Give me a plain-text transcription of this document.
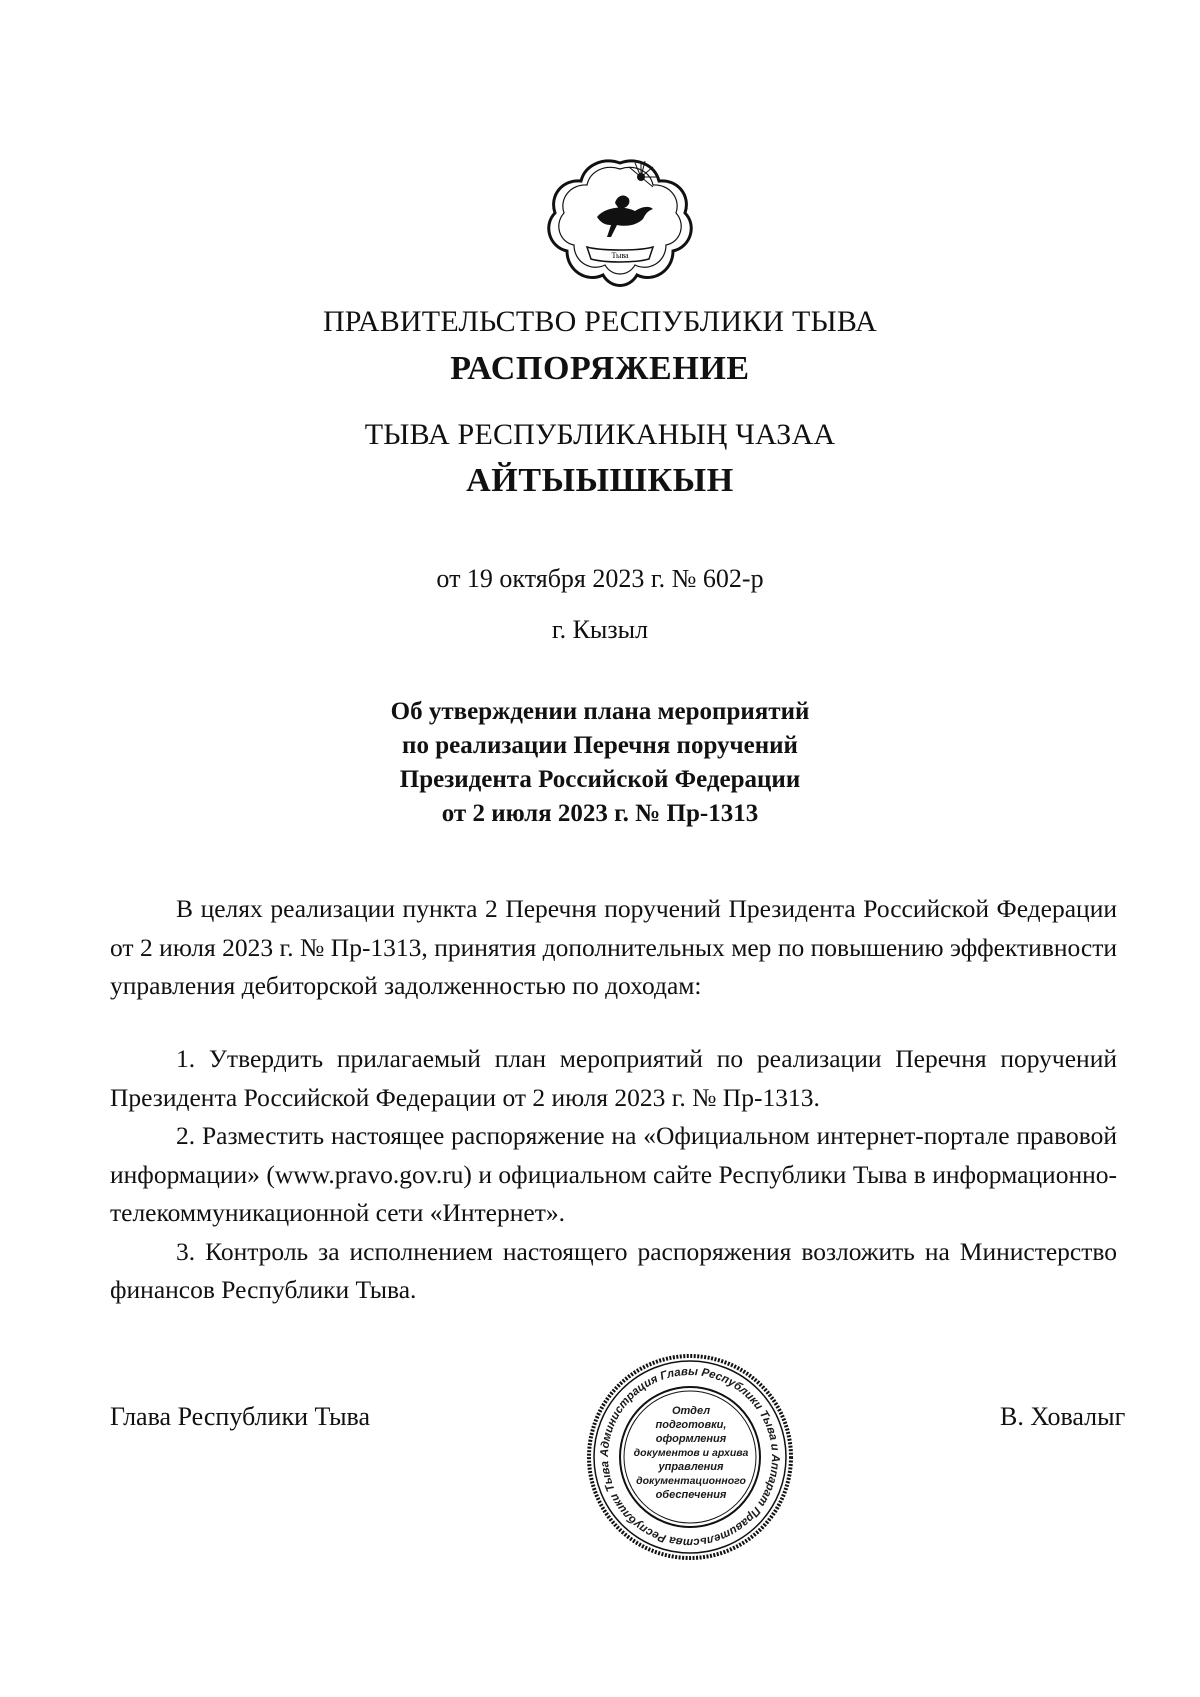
Тыва
ПРАВИТЕЛЬСТВО РЕСПУБЛИКИ ТЫВА
РАСПОРЯЖЕНИЕ
ТЫВА РЕСПУБЛИКАНЫҢ ЧАЗАА
АЙТЫЫШКЫН
от 19 октября 2023 г. № 602-р
г. Кызыл
Об утверждении плана мероприятий
по реализации Перечня поручений
Президента Российской Федерации
от 2 июля 2023 г. № Пр-1313

В целях реализации пункта 2 Перечня поручений Президента Российской Федерации от 2 июля 2023 г. № Пр-1313, принятия дополнительных мер по повышению эффективности управления дебиторской задолженностью по доходам:

1. Утвердить прилагаемый план мероприятий по реализации Перечня поручений Президента Российской Федерации от 2 июля 2023 г. № Пр-1313.

2. Разместить настоящее распоряжение на «Официальном интернет-портале правовой информации» (www.pravo.gov.ru) и официальном сайте Республики Тыва в информационно-телекоммуникационной сети «Интернет».

3. Контроль за исполнением настоящего распоряжения возложить на Министерство финансов Республики Тыва.

Глава Республики Тыва	В. Ховалыг
Администрация Главы Республики Тыва и Аппарат Правительства Республики Тыва
Отдел
подготовки,
оформления
документов и архива
управления
документационного
обеспечения
